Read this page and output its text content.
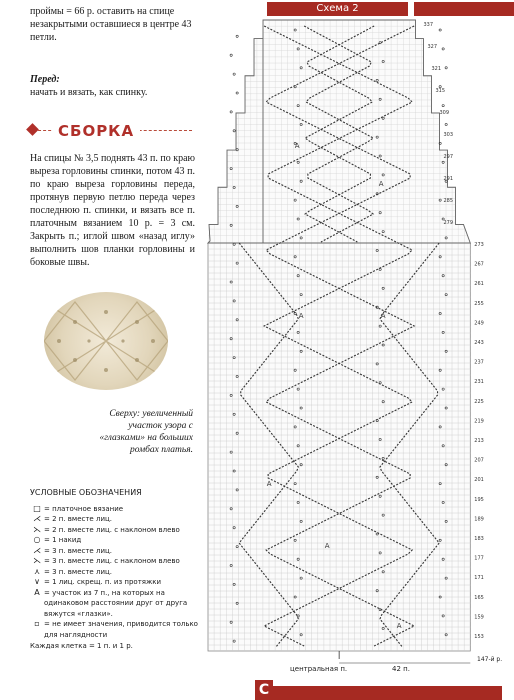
проймы = 66 р. оставить на спице незакрытыми оставшиеся в центре 43 петли.

Перед:

начать и вязать, как спинку.

СБОРКА

На спицы № 3,5 поднять 43 п. по краю выреза горловины спинки, потом 43 п. по краю выреза горловины переда, протянув первую петлю переда через последнюю п. спинки, и вязать все п. платочным вязанием 10 р. = 3 см. Закрыть п.; иглой швом «назад иглу» выполнить шов планки горловины и боковые швы.

Сверху: увеличенный участок узора с «глазками» на больших ромбах платья.

УСЛОВНЫЕ ОБОЗНАЧЕНИЯ
□ = платочное вязание
⋌ = 2 п. вместе лиц.
⋋ = 2 п. вместе лиц. с наклоном влево
○ = 1 накид
⋌ = 3 п. вместе лиц.
⋋ = 3 п. вместе лиц. с наклоном влево
⋏ = 3 п. вместе лиц.
∨ = 1 лиц. скрещ. п. из протяжки
A = участок из 7 п., на которых на одинаковом расстоянии друг от друга вяжутся «глазки».
▫ = не имеет значения, приводится только для наглядности
Каждая клетка = 1 п. и 1 р.
Схема 2
A
A
A	A
A
A
A
337
327
321
315
309
303
297
291
285
279
273
267
261
255
249
243
237
231
225
219
213
207
201
195
189
183
177
171
165
159
153
центральная п.	42 п.
147-й р.
C
